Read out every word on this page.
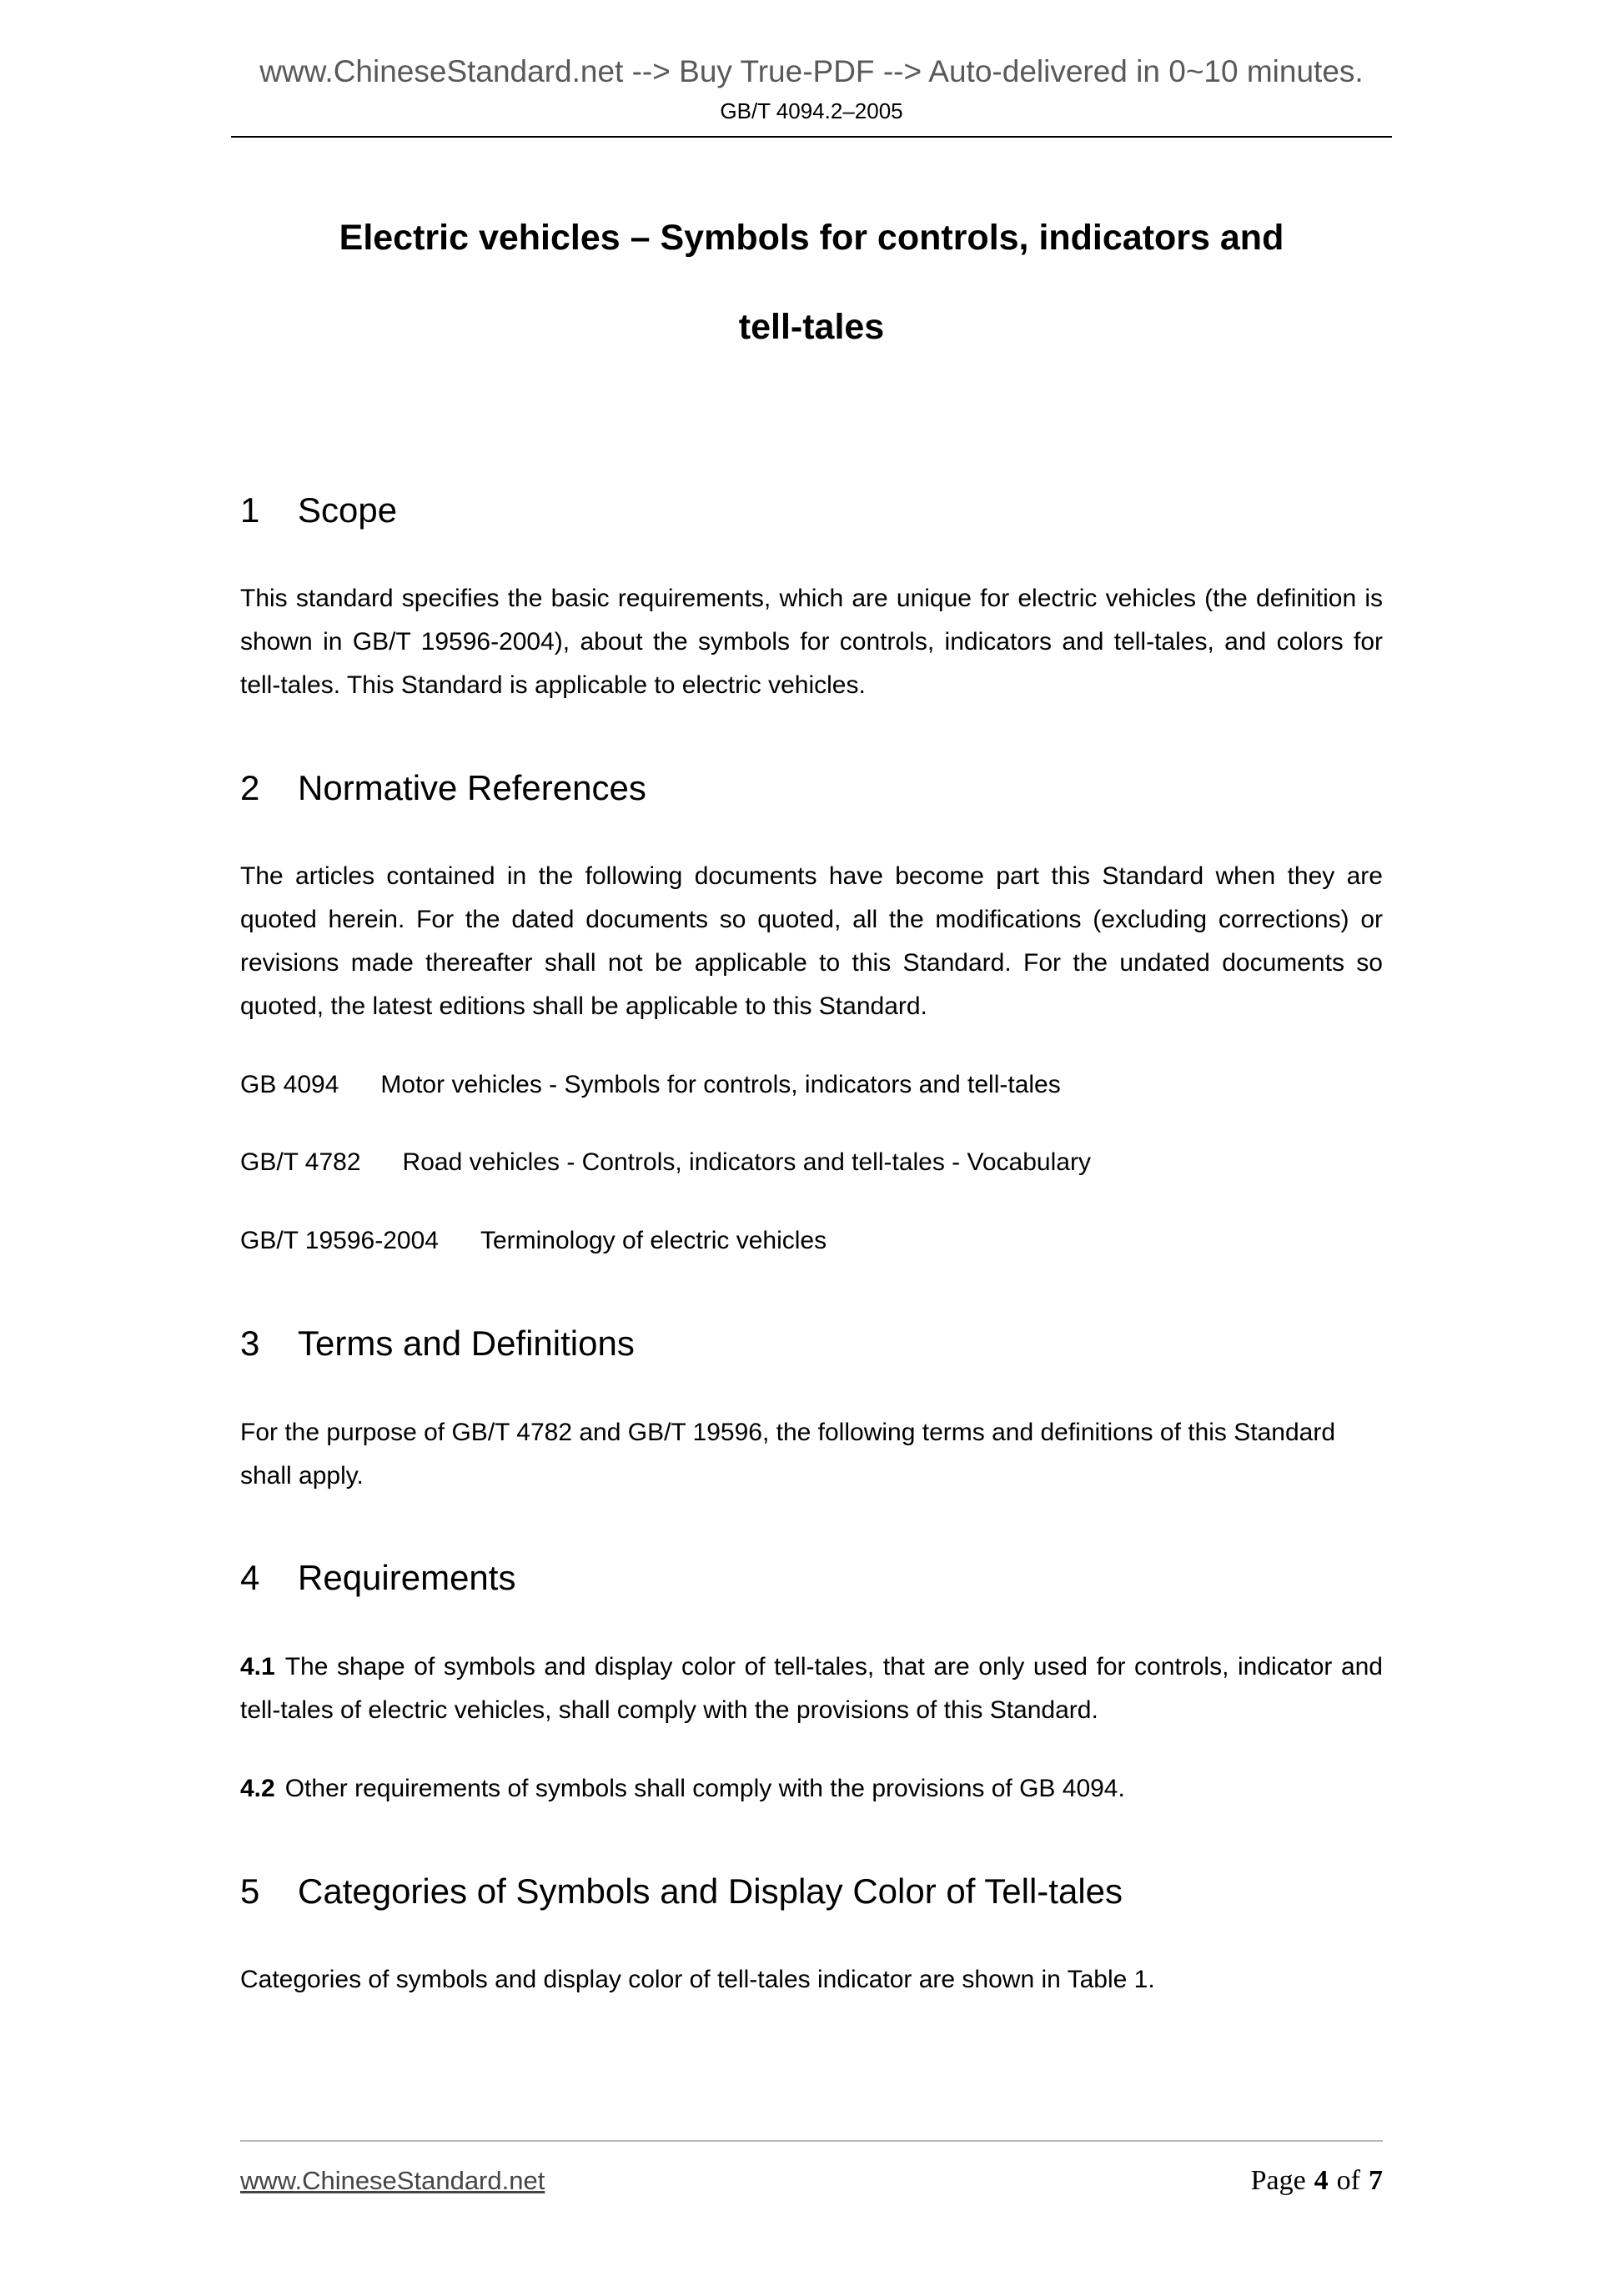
www.ChineseStandard.net --> Buy True-PDF --> Auto-delivered in 0~10 minutes.
GB/T 4094.2–2005
Electric vehicles – Symbols for controls, indicators and
tell-tales
1 Scope

This standard specifies the basic requirements, which are unique for electric vehicles (the definition is shown in GB/T 19596-2004), about the symbols for controls, indicators and tell-tales, and colors for tell-tales. This Standard is applicable to electric vehicles.

2 Normative References

The articles contained in the following documents have become part this Standard when they are quoted herein. For the dated documents so quoted, all the modifications (excluding corrections) or revisions made thereafter shall not be applicable to this Standard. For the undated documents so quoted, the latest editions shall be applicable to this Standard.

GB 4094 Motor vehicles - Symbols for controls, indicators and tell-tales

GB/T 4782 Road vehicles - Controls, indicators and tell-tales - Vocabulary

GB/T 19596-2004 Terminology of electric vehicles

3 Terms and Definitions

For the purpose of GB/T 4782 and GB/T 19596, the following terms and definitions of this Standard shall apply.

4 Requirements

4.1 The shape of symbols and display color of tell-tales, that are only used for controls, indicator and tell-tales of electric vehicles, shall comply with the provisions of this Standard.

4.2 Other requirements of symbols shall comply with the provisions of GB 4094.

5 Categories of Symbols and Display Color of Tell-tales

Categories of symbols and display color of tell-tales indicator are shown in Table 1.

www.ChineseStandard.net	Page 4 of 7
